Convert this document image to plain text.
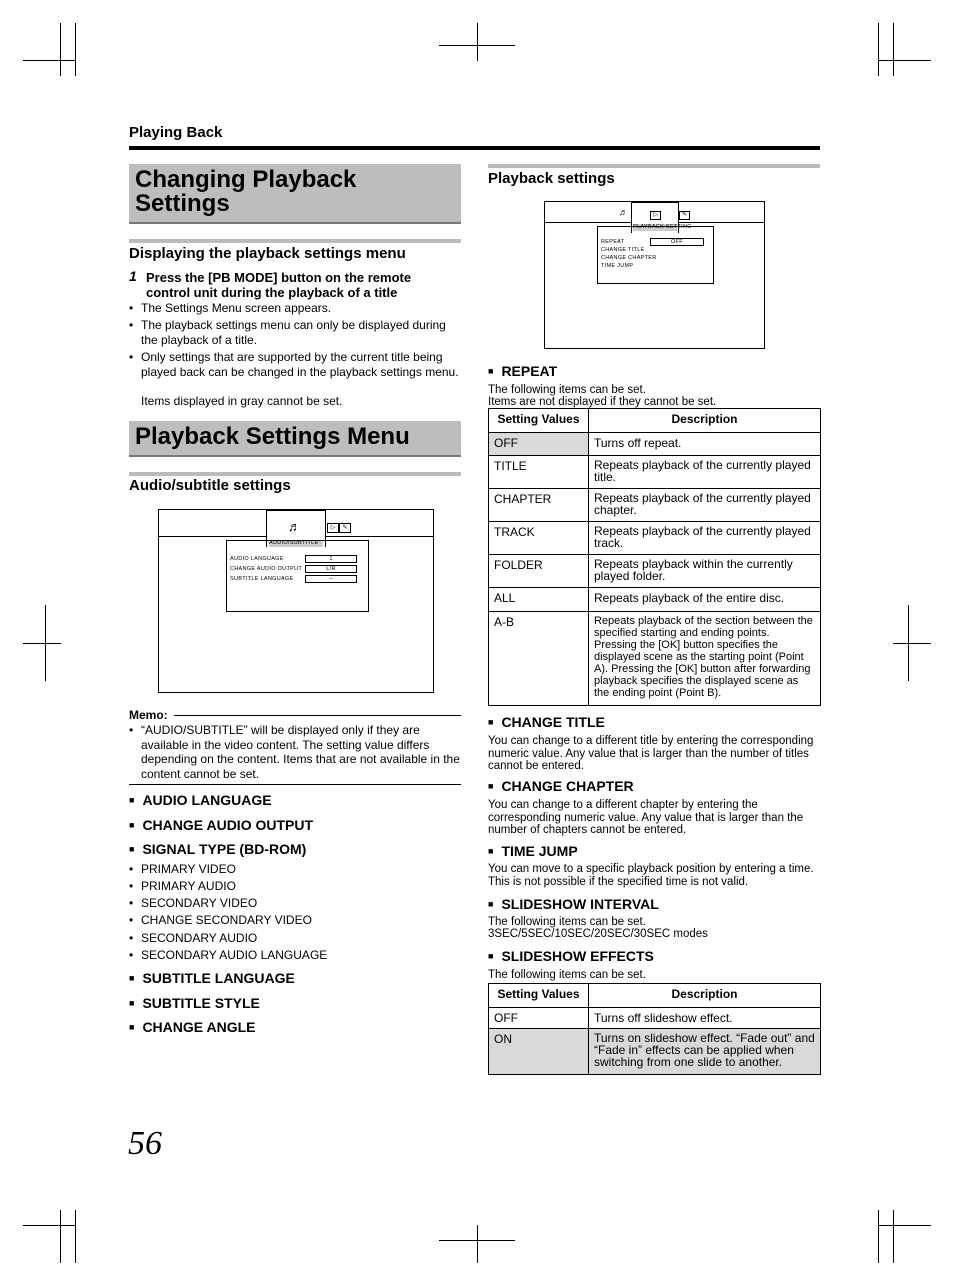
Playing Back
Changing Playback Settings
Displaying the playback settings menu
1 Press the [PB MODE] button on the remote control unit during the playback of a title
• The Settings Menu screen appears.
• The playback settings menu can only be displayed during the playback of a title.
• Only settings that are supported by the current title being played back can be changed in the playback settings menu.
Items displayed in gray cannot be set.
Playback Settings Menu
Audio/subtitle settings
♬
AUDIO/SUBTITLE
▷	✎
AUDIO LANGUAGE	1
CHANGE AUDIO OUTPUT	L/R
SUBTITLE LANGUAGE	–
Memo:
• “AUDIO/SUBTITLE” will be displayed only if they are available in the video content. The setting value differs depending on the content. Items that are not available in the content cannot be set.
■ AUDIO LANGUAGE
■ CHANGE AUDIO OUTPUT
■ SIGNAL TYPE (BD-ROM)
• PRIMARY VIDEO
• PRIMARY AUDIO
• SECONDARY VIDEO
• CHANGE SECONDARY VIDEO
• SECONDARY AUDIO
• SECONDARY AUDIO LANGUAGE
■ SUBTITLE LANGUAGE
■ SUBTITLE STYLE
■ CHANGE ANGLE
Playback settings
♬	▷
PLAYBACK SETTING
✎
REPEAT	OFF
CHANGE TITLE
CHANGE CHAPTER
TIME JUMP
■ REPEAT
The following items can be set.
Items are not displayed if they cannot be set.
Setting Values	Description
OFF	Turns off repeat.
TITLE	Repeats playback of the currently played title.
CHAPTER	Repeats playback of the currently played chapter.
TRACK	Repeats playback of the currently played track.
FOLDER	Repeats playback within the currently played folder.
ALL	Repeats playback of the entire disc.
A-B	Repeats playback of the section between the specified starting and ending points. Pressing the [OK] button specifies the displayed scene as the starting point (Point A). Pressing the [OK] button after forwarding playback specifies the displayed scene as the ending point (Point B).
■ CHANGE TITLE
You can change to a different title by entering the corresponding numeric value. Any value that is larger than the number of titles cannot be entered.
■ CHANGE CHAPTER
You can change to a different chapter by entering the corresponding numeric value. Any value that is larger than the number of chapters cannot be entered.
■ TIME JUMP
You can move to a specific playback position by entering a time. This is not possible if the specified time is not valid.
■ SLIDESHOW INTERVAL
The following items can be set.
3SEC/5SEC/10SEC/20SEC/30SEC modes
■ SLIDESHOW EFFECTS
The following items can be set.
Setting Values	Description
OFF	Turns off slideshow effect.
ON	Turns on slideshow effect. “Fade out” and “Fade in” effects can be applied when switching from one slide to another.
56
